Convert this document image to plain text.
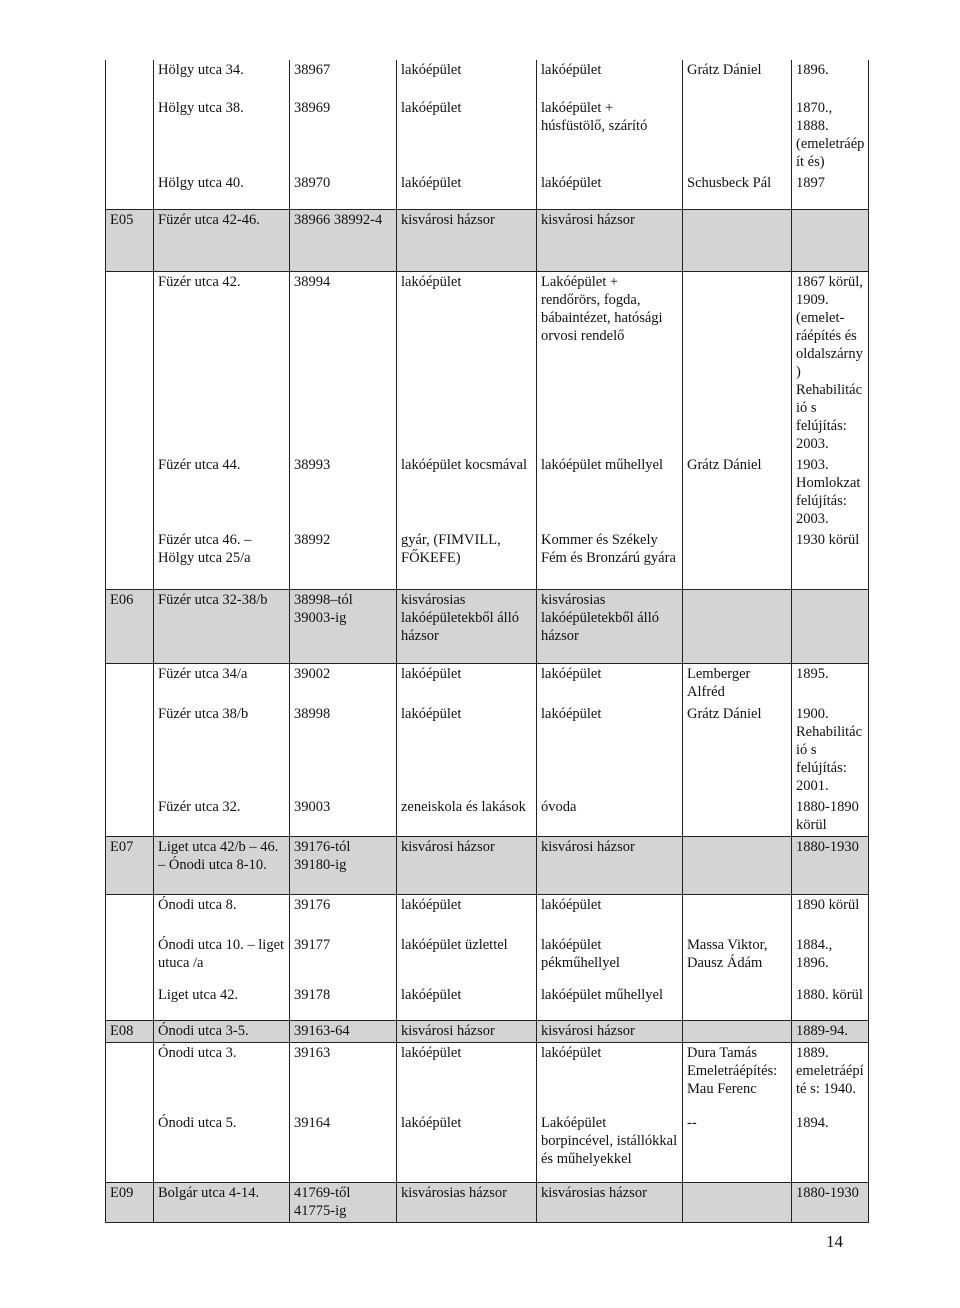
	Hölgy utca 34.	38967	lakóépület	lakóépület	Grátz Dániel	1896.
	Hölgy utca 38.	38969	lakóépület	lakóépület + húsfüstölő, szárító		1870., 1888. (emeletráépít és)
	Hölgy utca 40.	38970	lakóépület	lakóépület	Schusbeck Pál	1897
E05	Füzér utca 42-46.	38966 38992-4	kisvárosi házsor	kisvárosi házsor		
	Füzér utca 42.	38994	lakóépület	Lakóépület + rendőrörs, fogda, bábaintézet, hatósági orvosi rendelő		1867 körül, 1909. (emelet-ráépítés és oldalszárny) Rehabilitáció s felújítás: 2003.
	Füzér utca 44.	38993	lakóépület kocsmával	lakóépület műhellyel	Grátz Dániel	1903. Homlokzat felújítás: 2003.
	Füzér utca 46. – Hölgy utca 25/a	38992	gyár, (FIMVILL, FŐKEFE)	Kommer és Székely Fém és Bronzárú gyára		1930 körül
E06	Füzér utca 32-38/b	38998–tól 39003-ig	kisvárosias lakóépületekből álló házsor	kisvárosias lakóépületekből álló házsor		
	Füzér utca 34/a	39002	lakóépület	lakóépület	Lemberger Alfréd	1895.
	Füzér utca 38/b	38998	lakóépület	lakóépület	Grátz Dániel	1900. Rehabilitáció s felújítás: 2001.
	Füzér utca 32.	39003	zeneiskola és lakások	óvoda		1880-1890 körül
E07	Liget utca 42/b – 46. – Ónodi utca 8-10.	39176-tól 39180-ig	kisvárosi házsor	kisvárosi házsor		1880-1930
	Ónodi utca 8.	39176	lakóépület	lakóépület		1890 körül
	Ónodi utca 10. – liget utuca /a	39177	lakóépület üzlettel	lakóépület pékműhellyel	Massa Viktor, Dausz Ádám	1884., 1896.
	Liget utca 42.	39178	lakóépület	lakóépület műhellyel		1880. körül
E08	Ónodi utca 3-5.	39163-64	kisvárosi házsor	kisvárosi házsor		1889-94.
	Ónodi utca 3.	39163	lakóépület	lakóépület	Dura Tamás Emeletráépítés: Mau Ferenc	1889. emeletráépíté s: 1940.
	Ónodi utca 5.	39164	lakóépület	Lakóépület borpincével, istállókkal és műhelyekkel	--	1894.
E09	Bolgár utca 4-14.	41769-től 41775-ig	kisvárosias házsor	kisvárosias házsor		1880-1930
14
